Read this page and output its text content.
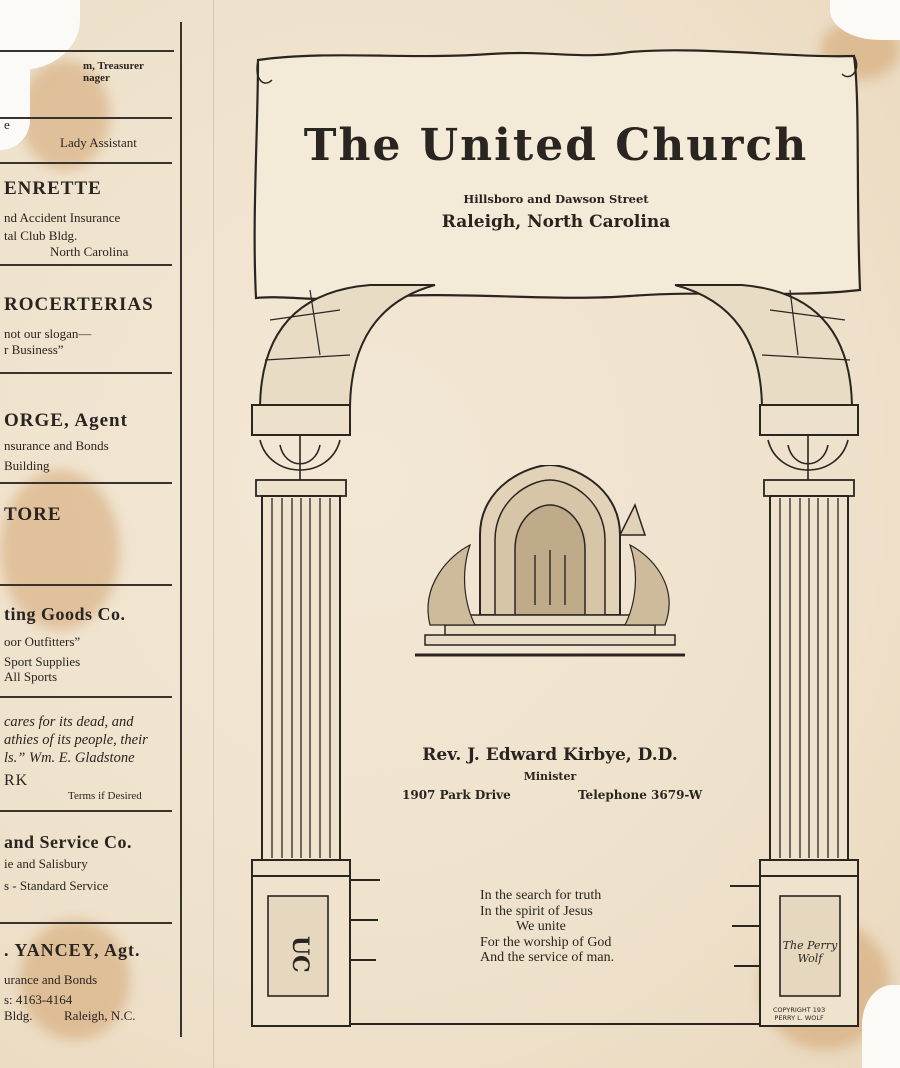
m, Treasurer
nager
e
Lady Assistant
ENRETTE
nd Accident Insurance
tal Club Bldg.
North Carolina
ROCERTERIAS
not our slogan—
r Business”
ORGE, Agent
nsurance and Bonds
Building
TORE
ting Goods Co.
oor Outfitters”
Sport Supplies
All Sports
cares for its dead, and
athies of its people, their
ls.” Wm. E. Gladstone
RK
Terms if Desired
and Service Co.
ie and Salisbury
s - Standard Service
. YANCEY, Agt.
urance and Bonds
s: 4163-4164
Bldg. Raleigh, N.C.
The United Church
Hillsboro and Dawson Street
Raleigh, North Carolina
Rev. J. Edward Kirbye, D.D.
Minister
1907 Park Drive	Telephone 3679-W
In the search for truth
In the spirit of Jesus
We unite
For the worship of God
And the service of man.
UC	The Perry Wolf
COPYRIGHT 193
PERRY L. WOLF
